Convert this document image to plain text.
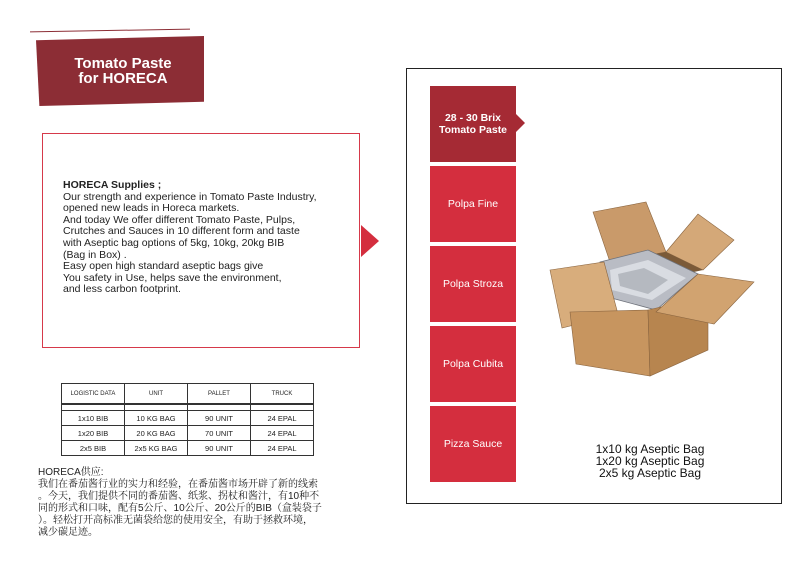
Tomato Paste
for HORECA
HORECA Supplies ;
Our strength and experience in Tomato Paste Industry,
opened new leads in Horeca markets.
And today We offer different Tomato Paste, Pulps,
Crutches and Sauces in 10 different form and taste
with Aseptic bag options of 5kg, 10kg, 20kg BIB
(Bag in Box) .
Easy open high standard aseptic bags give
You safety in Use, helps save the environment,
and less carbon footprint.
LOGISTIC DATA	UNIT	PALLET	TRUCK

1x10 BIB	10 KG BAG	90 UNIT	24 EPAL
1x20 BIB	20 KG BAG	70 UNIT	24 EPAL
2x5 BIB	2x5 KG BAG	90 UNIT	24 EPAL
HORECA供应:
我们在番茄酱行业的实力和经验，在番茄酱市场开辟了新的线索
。今天，我们提供不同的番茄酱、纸浆、拐杖和酱汁，有10种不
同的形式和口味，配有5公斤、10公斤、20公斤的BIB（盒装袋子
）。轻松打开高标准无菌袋给您的使用安全，有助于拯救环境，
减少碳足迹。
28 - 30 Brix
Tomato Paste
Polpa Fine
Polpa Stroza
Polpa Cubita
Pizza Sauce	1x10 kg Aseptic Bag
1x20 kg Aseptic Bag
2x5 kg Aseptic Bag
